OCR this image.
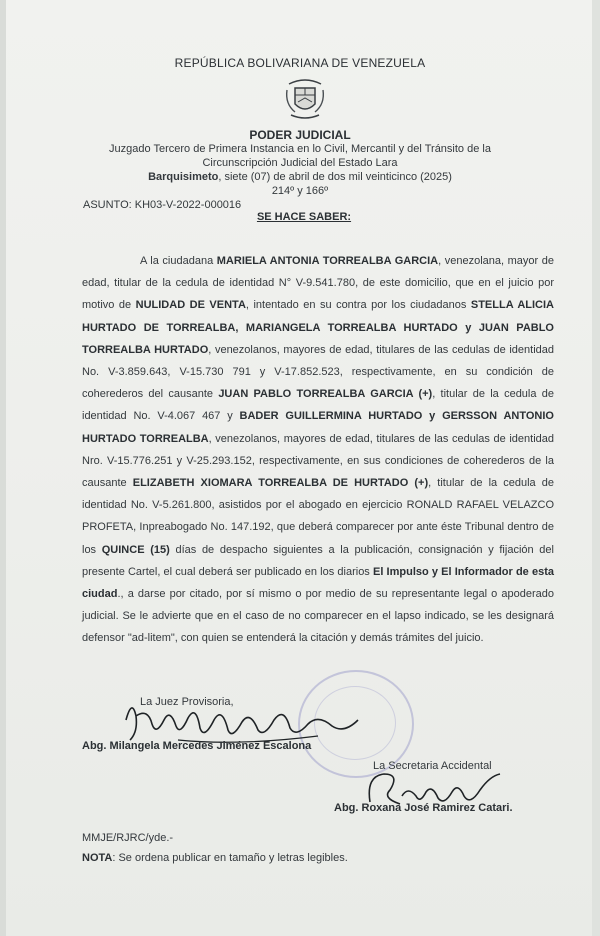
REPÚBLICA BOLIVARIANA DE VENEZUELA
PODER JUDICIAL
Juzgado Tercero de Primera Instancia en lo Civil, Mercantil y del Tránsito de la
Circunscripción Judicial del Estado Lara
Barquisimeto, siete (07) de abril de dos mil veinticinco (2025)
214º y 166º
ASUNTO: KH03-V-2022-000016
SE HACE SABER:

A la ciudadana MARIELA ANTONIA TORREALBA GARCIA, venezolana, mayor de edad, titular de la cedula de identidad N° V-9.541.780, de este domicilio, que en el juicio por motivo de NULIDAD DE VENTA, intentado en su contra por los ciudadanos STELLA ALICIA HURTADO DE TORREALBA, MARIANGELA TORREALBA HURTADO y JUAN PABLO TORREALBA HURTADO, venezolanos, mayores de edad, titulares de las cedulas de identidad No. V-3.859.643, V-15.730 791 y V-17.852.523, respectivamente, en su condición de coherederos del causante JUAN PABLO TORREALBA GARCIA (+), titular de la cedula de identidad No. V-4.067 467 y BADER GUILLERMINA HURTADO y GERSSON ANTONIO HURTADO TORREALBA, venezolanos, mayores de edad, titulares de las cedulas de identidad Nro. V-15.776.251 y V-25.293.152, respectivamente, en sus condiciones de coherederos de la causante ELIZABETH XIOMARA TORREALBA DE HURTADO (+), titular de la cedula de identidad No. V-5.261.800, asistidos por el abogado en ejercicio RONALD RAFAEL VELAZCO PROFETA, Inpreabogado No. 147.192, que deberá comparecer por ante éste Tribunal dentro de los QUINCE (15) días de despacho siguientes a la publicación, consignación y fijación del presente Cartel, el cual deberá ser publicado en los diarios El Impulso y El Informador de esta ciudad., a darse por citado, por sí mismo o por medio de su representante legal o apoderado judicial. Se le advierte que en el caso de no comparecer en el lapso indicado, se les designará defensor "ad-litem", con quien se entenderá la citación y demás trámites del juicio.

La Juez Provisoria,
Abg. Milangela Mercedes Jiménez Escalona
La Secretaria Accidental
Abg. Roxana José Ramirez Catari.
MMJE/RJRC/yde.-
NOTA: Se ordena publicar en tamaño y letras legibles.
